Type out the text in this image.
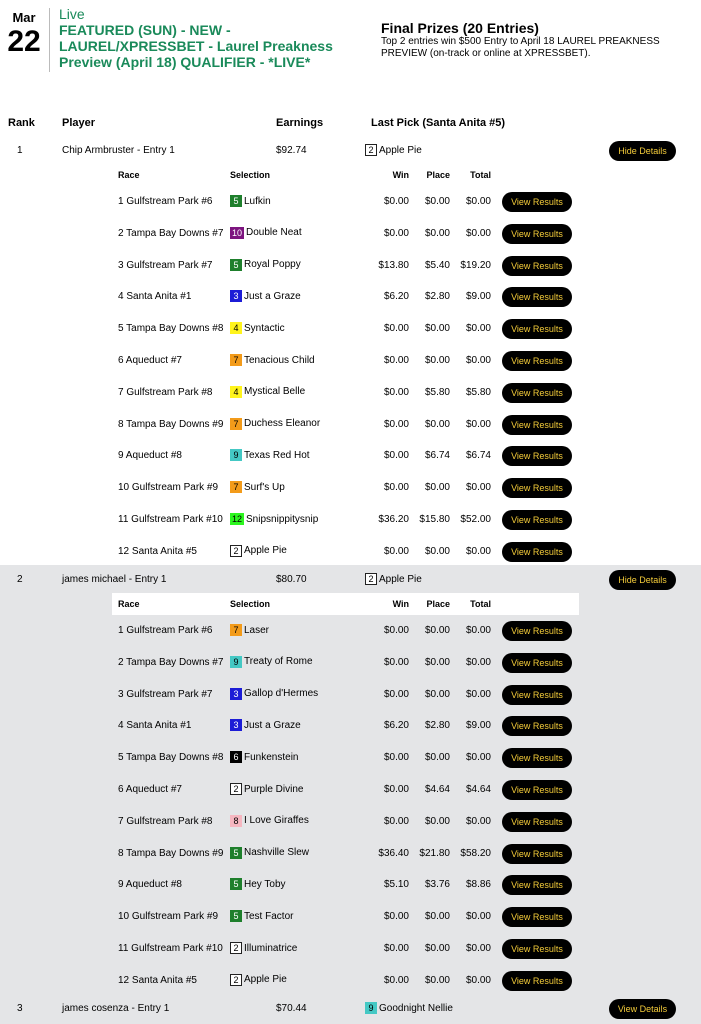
Mar
22
Live
FEATURED (SUN) - NEW - LAUREL/XPRESSBET - Laurel Preakness Preview (April 18) QUALIFIER - *LIVE*
Final Prizes (20 Entries)
Top 2 entries win $500 Entry to April 18 LAUREL PREAKNESS PREVIEW (on-track or online at XPRESSBET).
Rank Player	Earnings	Last Pick (Santa Anita #5)
1	Chip Armbruster - Entry 1	$92.74	2 Apple Pie	Hide Details
Race	Selection	Win Place Total
1 Gulfstream Park #6	5 Lufkin	$0.00 $0.00 $0.00	View Results
2 Tampa Bay Downs #7 10 Double Neat	$0.00 $0.00 $0.00	View Results
3 Gulfstream Park #7	5 Royal Poppy	$13.80 $5.40 $19.20	View Results
4 Santa Anita #1	3 Just a Graze	$6.20 $2.80 $9.00	View Results
5 Tampa Bay Downs #8	4 Syntactic	$0.00 $0.00 $0.00	View Results
6 Aqueduct #7	7 Tenacious Child	$0.00 $0.00 $0.00	View Results
7 Gulfstream Park #8	4 Mystical Belle	$0.00 $5.80 $5.80	View Results
8 Tampa Bay Downs #9	7 Duchess Eleanor	$0.00 $0.00 $0.00	View Results
9 Aqueduct #8	9 Texas Red Hot	$0.00 $6.74 $6.74	View Results
10 Gulfstream Park #9	7 Surf's Up	$0.00 $0.00 $0.00	View Results
11 Gulfstream Park #10 12 Snipsnippitysnip	$36.20 $15.80 $52.00	View Results
12 Santa Anita #5	2 Apple Pie	$0.00 $0.00 $0.00	View Results
2	james michael - Entry 1	$80.70	2 Apple Pie	Hide Details
Race	Selection	Win Place Total
1 Gulfstream Park #6	7 Laser	$0.00 $0.00 $0.00	View Results
2 Tampa Bay Downs #7	9 Treaty of Rome	$0.00 $0.00 $0.00	View Results
3 Gulfstream Park #7	3 Gallop d'Hermes	$0.00 $0.00 $0.00	View Results
4 Santa Anita #1	3 Just a Graze	$6.20 $2.80 $9.00	View Results
5 Tampa Bay Downs #8	6 Funkenstein	$0.00 $0.00 $0.00	View Results
6 Aqueduct #7	2 Purple Divine	$0.00 $4.64 $4.64	View Results
7 Gulfstream Park #8	8 I Love Giraffes	$0.00 $0.00 $0.00	View Results
8 Tampa Bay Downs #9	5 Nashville Slew	$36.40 $21.80 $58.20	View Results
9 Aqueduct #8	5 Hey Toby	$5.10 $3.76 $8.86	View Results
10 Gulfstream Park #9	5 Test Factor	$0.00 $0.00 $0.00	View Results
11 Gulfstream Park #10	2 Illuminatrice	$0.00 $0.00 $0.00	View Results
12 Santa Anita #5	2 Apple Pie	$0.00 $0.00 $0.00	View Results
3	james cosenza - Entry 1	$70.44	9 Goodnight Nellie	View Details
